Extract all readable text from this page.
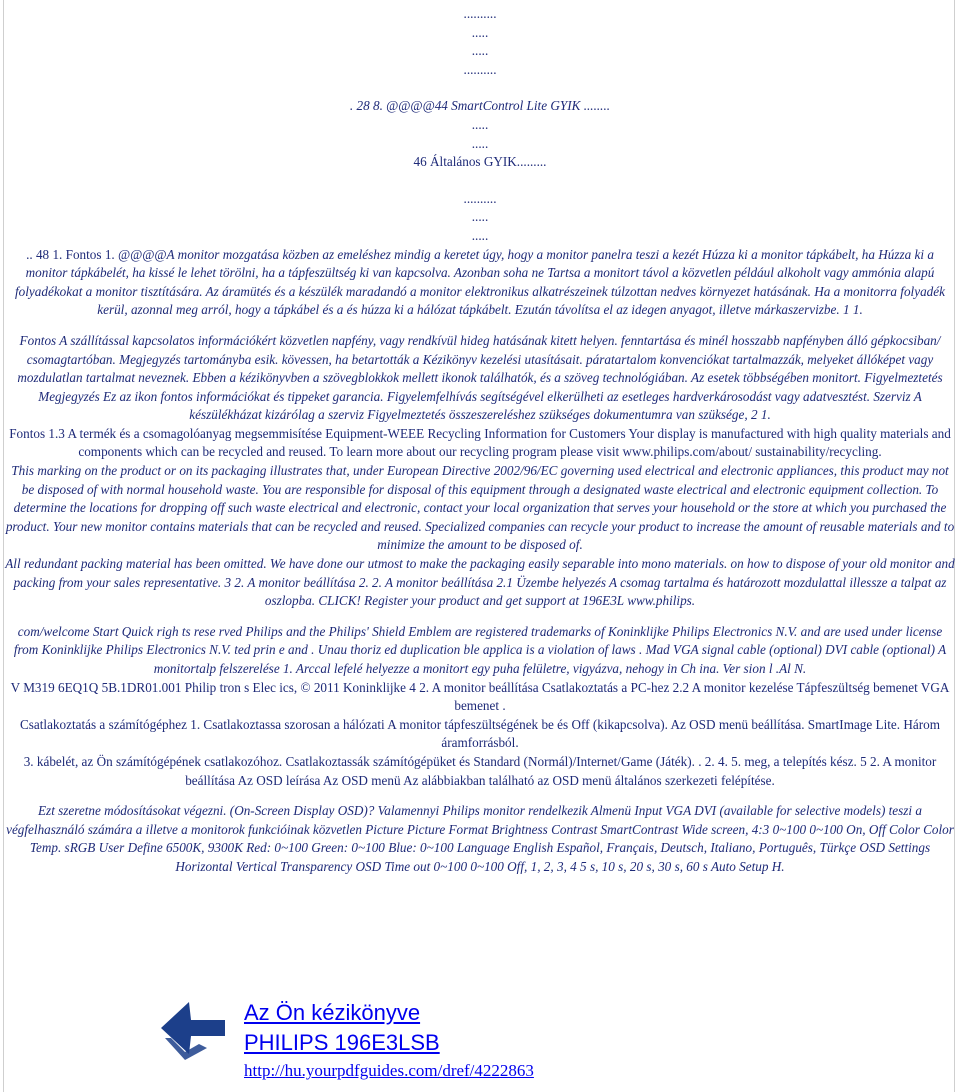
..........

.....

.....

..........

. 28 8. @@@@44 SmartControl Lite GYIK ........

.....

.....

46 Általános GYIK.........

..........

.....

.....

.. 48 1. Fontos 1. @@@@A monitor mozgatása közben az emeléshez mindig a keretet úgy, hogy a monitor panelra teszi a kezét Húzza ki a monitor tápkábelt, ha Húzza ki a monitor tápkábelét, ha kissé le lehet törölni, ha a tápfeszültség ki van kapcsolva. Azonban soha ne Tartsa a monitort távol a közvetlen például alkoholt vagy ammónia alapú folyadékokat a monitor tisztítására. Az áramütés és a készülék maradandó a monitor elektronikus alkatrészeinek túlzottan nedves környezet hatásának. Ha a monitorra folyadék kerül, azonnal meg arról, hogy a tápkábel és a és húzza ki a hálózat tápkábelt. Ezután távolítsa el az idegen anyagot, illetve márkaszervizbe. 1 1.

Fontos A szállítással kapcsolatos információkért közvetlen napfény, vagy rendkívül hideg hatásának kitett helyen. fenntartása és minél hosszabb napfényben álló gépkocsiban/ csomagtartóban. Megjegyzés tartományba esik. kövessen, ha betartották a Kézikönyv kezelési utasításait. páratartalom konvenciókat tartalmazzák, melyeket állóképet vagy mozdulatlan tartalmat neveznek. Ebben a kézikönyvben a szövegblokkok mellett ikonok találhatók, és a szöveg technológiában. Az esetek többségében monitort. Figyelmeztetés Megjegyzés Ez az ikon fontos információkat és tippeket garancia. Figyelemfelhívás segítségével elkerülheti az esetleges hardverkárosodást vagy adatvesztést. Szerviz A készülékházat kizárólag a szerviz Figyelmeztetés összeszereléshez szükséges dokumentumra van szüksége, 2 1.

Fontos 1.3 A termék és a csomagolóanyag megsemmisítése Equipment-WEEE Recycling Information for Customers Your display is manufactured with high quality materials and components which can be recycled and reused. To learn more about our recycling program please visit www.philips.com/about/ sustainability/recycling.

This marking on the product or on its packaging illustrates that, under European Directive 2002/96/EC governing used electrical and electronic appliances, this product may not be disposed of with normal household waste. You are responsible for disposal of this equipment through a designated waste electrical and electronic equipment collection. To determine the locations for dropping off such waste electrical and electronic, contact your local organization that serves your household or the store at which you purchased the product. Your new monitor contains materials that can be recycled and reused. Specialized companies can recycle your product to increase the amount of reusable materials and to minimize the amount to be disposed of.

All redundant packing material has been omitted. We have done our utmost to make the packaging easily separable into mono materials. on how to dispose of your old monitor and packing from your sales representative. 3 2. A monitor beállítása 2. 2. A monitor beállítása 2.1 Üzembe helyezés A csomag tartalma és határozott mozdulattal illessze a talpat az oszlopba. CLICK! Register your product and get support at 196E3L www.philips.

com/welcome Start Quick righ ts rese rved Philips and the Philips' Shield Emblem are registered trademarks of Koninklijke Philips Electronics N.V. and are used under license from Koninklijke Philips Electronics N.V. ted prin e and . Unau thoriz ed duplication ble applica is a violation of laws . Mad VGA signal cable (optional) DVI cable (optional) A monitortalp felszerelése 1. Arccal lefelé helyezze a monitort egy puha felületre, vigyázva, nehogy in Ch ina. Ver sion l .Al N.

V M319 6EQ1Q 5B.1DR01.001 Philip tron s Elec ics, © 2011 Koninklijke 4 2. A monitor beállítása Csatlakoztatás a PC-hez 2.2 A monitor kezelése Tápfeszültség bemenet VGA bemenet .

Csatlakoztatás a számítógéphez 1. Csatlakoztassa szorosan a hálózati A monitor tápfeszültségének be és Off (kikapcsolva). Az OSD menü beállítása. SmartImage Lite. Három áramforrásból.

3. kábelét, az Ön számítógépének csatlakozóhoz. Csatlakoztassák számítógépüket és Standard (Normál)/Internet/Game (Játék). . 2. 4. 5. meg, a telepítés kész. 5 2. A monitor beállítása Az OSD leírása Az OSD menü Az alábbiakban található az OSD menü általános szerkezeti felépítése.

Ezt szeretne módosításokat végezni. (On-Screen Display OSD)? Valamennyi Philips monitor rendelkezik Almenü Input VGA DVI (available for selective models) teszi a végfelhasználó számára a illetve a monitorok funkcióinak közvetlen Picture Picture Format Brightness Contrast SmartContrast Wide screen, 4:3 0~100 0~100 On, Off Color Color Temp. sRGB User Define 6500K, 9300K Red: 0~100 Green: 0~100 Blue: 0~100 Language English Español, Français, Deutsch, Italiano, Português, Türkçe OSD Settings Horizontal Vertical Transparency OSD Time out 0~100 0~100 Off, 1, 2, 3, 4 5 s, 10 s, 20 s, 30 s, 60 s Auto Setup H.

Az Ön kézikönyve
PHILIPS 196E3LSB
http://hu.yourpdfguides.com/dref/4222863
